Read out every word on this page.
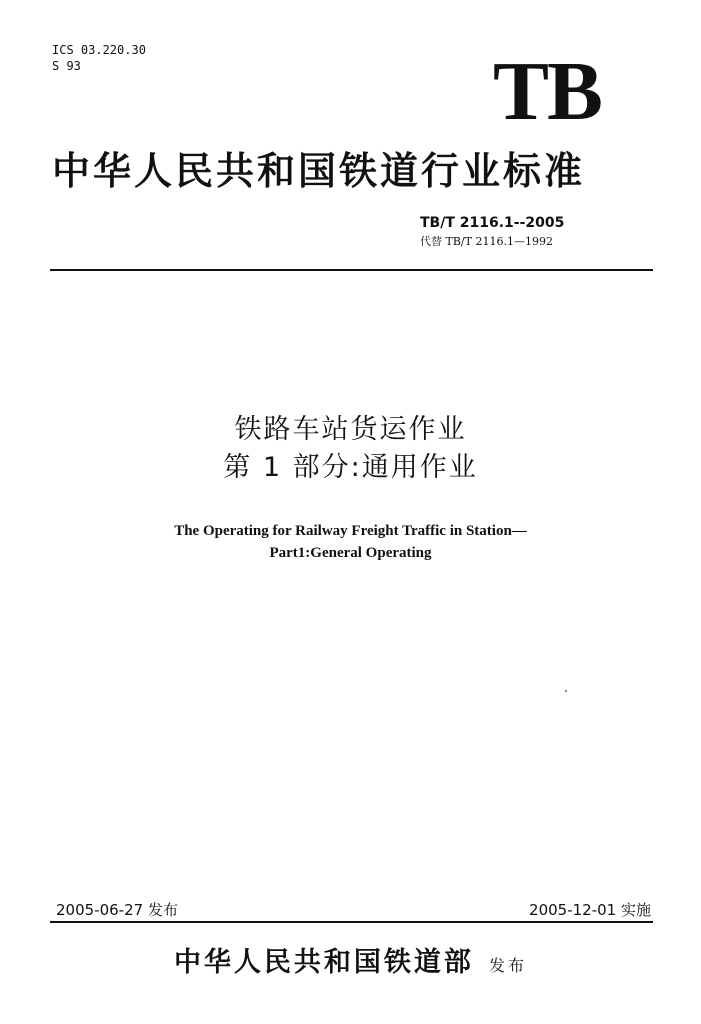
ICS 03.220.30
S 93	TB
中华人民共和国铁道行业标准
TB/T 2116.1--2005
代替 TB/T 2116.1—1992
铁路车站货运作业
第 1 部分:通用作业
The Operating for Railway Freight Traffic in Station—
Part1:General Operating
2005-06-27 发布	2005-12-01 实施
中华人民共和国铁道部 发布
